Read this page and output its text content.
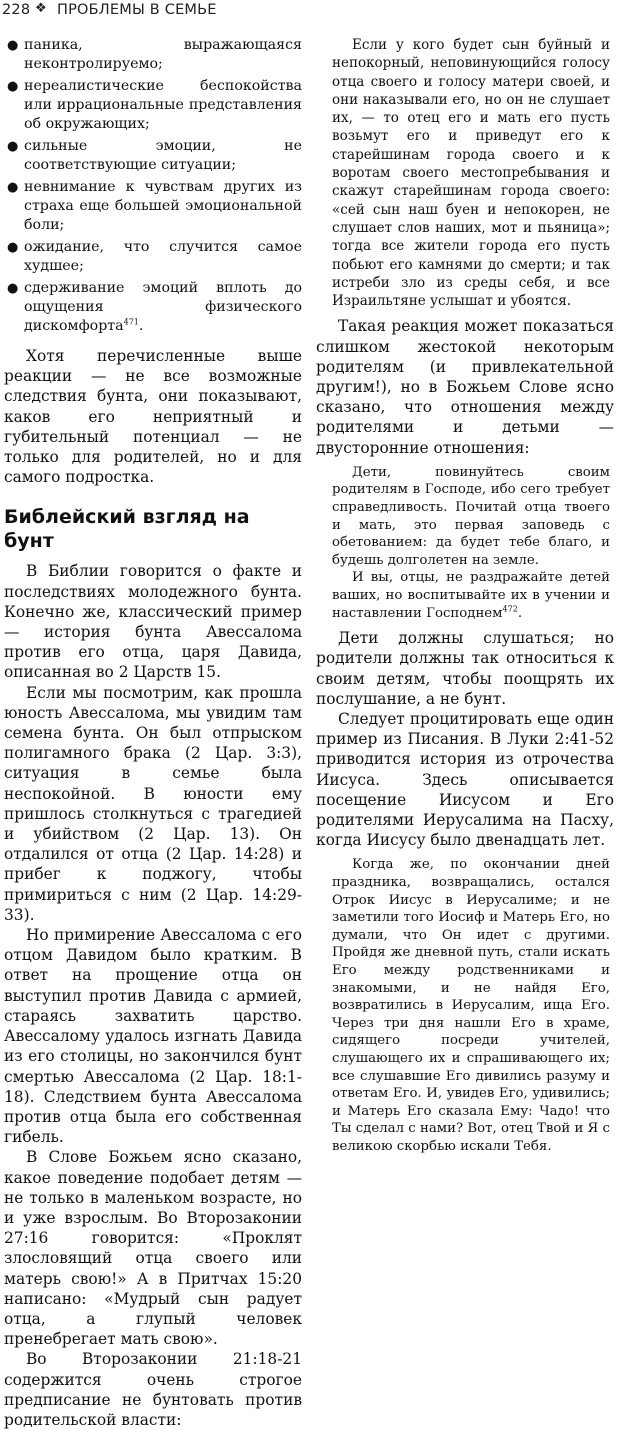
228 ❖ ПРОБЛЕМЫ В СЕМЬЕ
● паника, выражающаяся неконтролируемо;
● нереалистические беспокойства или иррациональные представления об окружающих;
● сильные эмоции, не соответствующие ситуации;
● невнимание к чувствам других из страха еще большей эмоциональной боли;
● ожидание, что случится самое худшее;
● сдерживание эмоций вплоть до ощущения физического дискомфорта$^{471}$.

Хотя перечисленные выше реакции — не все возможные следствия бунта, они показывают, каков его неприятный и губительный потенциал — не только для родителей, но и для самого подростка.

Библейский взгляд на бунт

В Библии говорится о факте и последствиях молодежного бунта. Конечно же, классический пример — история бунта Авессалома против его отца, царя Давида, описанная во 2 Царств 15.

Если мы посмотрим, как прошла юность Авессалома, мы увидим там семена бунта. Он был отпрыском полигамного брака (2 Цар. 3:3), ситуация в семье была неспокойной. В юности ему пришлось столкнуться с трагедией и убийством (2 Цар. 13). Он отдалился от отца (2 Цар. 14:28) и прибег к поджогу, чтобы примириться с ним (2 Цар. 14:29-33).

Но примирение Авессалома с его отцом Давидом было кратким. В ответ на прощение отца он выступил против Давида с армией, стараясь захватить царство. Авессалому удалось изгнать Давида из его столицы, но закончился бунт смертью Авессалома (2 Цар. 18:1-18). Следствием бунта Авессалома против отца была его собственная гибель.

В Слове Божьем ясно сказано, какое поведение подобает детям — не только в маленьком возрасте, но и уже взрослым. Во Второзаконии 27:16 говорится: «Проклят злословящий отца своего или матерь свою!» А в Притчах 15:20 написано: «Мудрый сын радует отца, а глупый человек пренебрегает мать свою».

Во Второзаконии 21:18-21 содержится очень строгое предписание не бунтовать против родительской власти:

Если у кого будет сын буйный и непокорный, неповинующийся голосу отца своего и голосу матери своей, и они наказывали его, но он не слушает их, — то отец его и мать его пусть возьмут его и приведут его к старейшинам города своего и к воротам своего местопребывания и скажут старейшинам города своего: «сей сын наш буен и непокорен, не слушает слов наших, мот и пьяница»; тогда все жители города его пусть побьют его камнями до смерти; и так истреби зло из среды себя, и все Израильтяне услышат и убоятся.

Такая реакция может показаться слишком жестокой некоторым родителям (и привлекательной другим!), но в Божьем Слове ясно сказано, что отношения между родителями и детьми — двусторонние отношения:

Дети, повинуйтесь своим родителям в Господе, ибо сего требует справедливость. Почитай отца твоего и мать, это первая заповедь с обетованием: да будет тебе благо, и будешь долголетен на земле.

И вы, отцы, не раздражайте детей ваших, но воспитывайте их в учении и наставлении Господнем$^{472}$.

Дети должны слушаться; но родители должны так относиться к своим детям, чтобы поощрять их послушание, а не бунт.

Следует процитировать еще один пример из Писания. В Луки 2:41-52 приводится история из отрочества Иисуса. Здесь описывается посещение Иисусом и Его родителями Иерусалима на Пасху, когда Иисусу было двенадцать лет.

Когда же, по окончании дней праздника, возвращались, остался Отрок Иисус в Иерусалиме; и не заметили того Иосиф и Матерь Его, но думали, что Он идет с другими. Пройдя же дневной путь, стали искать Его между родственниками и знакомыми, и не найдя Его, возвратились в Иерусалим, ища Его. Через три дня нашли Его в храме, сидящего посреди учителей, слушающего их и спрашивающего их; все слушавшие Его дивились разуму и ответам Его. И, увидев Его, удивились; и Матерь Его сказала Ему: Чадо! что Ты сделал с нами? Вот, отец Твой и Я с великою скорбью искали Тебя.
